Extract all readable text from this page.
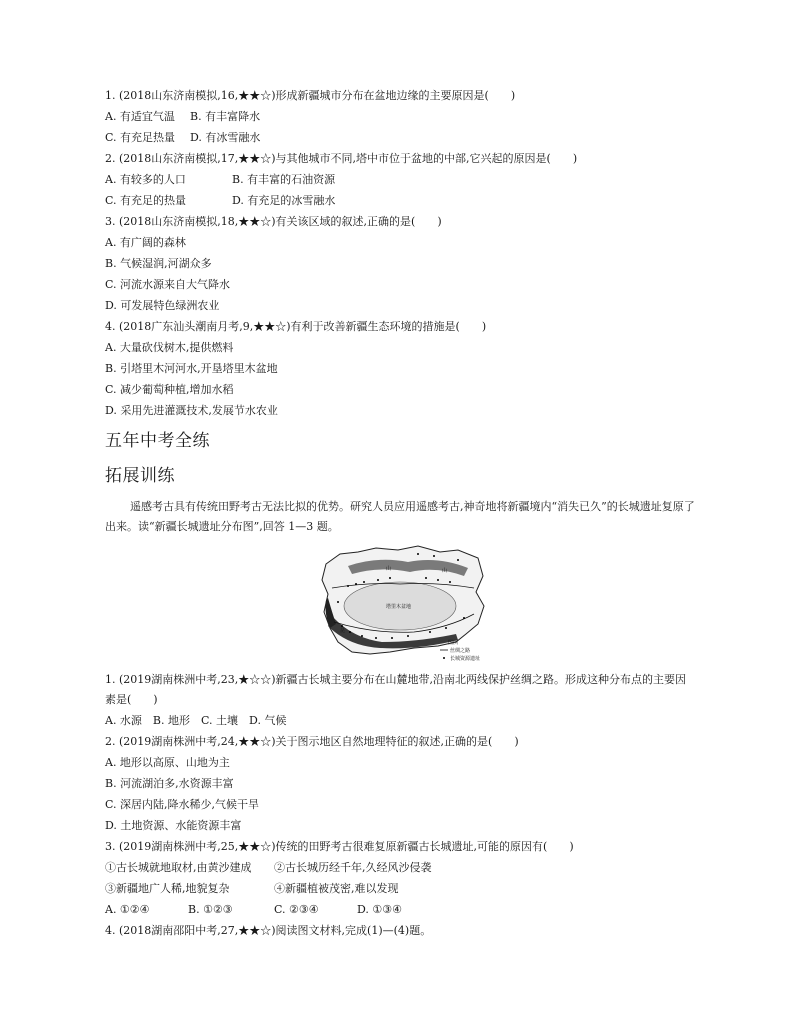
1. (2018山东济南模拟,16,★★☆)形成新疆城市分布在盆地边缘的主要原因是(　　)
A. 有适宜气温 B. 有丰富降水
C. 有充足热量 D. 有冰雪融水
2. (2018山东济南模拟,17,★★☆)与其他城市不同,塔中市位于盆地的中部,它兴起的原因是(　　)
A. 有较多的人口	B. 有丰富的石油资源
C. 有充足的热量	D. 有充足的冰雪融水
3. (2018山东济南模拟,18,★★☆)有关该区域的叙述,正确的是(　　)
A. 有广阔的森林
B. 气候湿润,河湖众多
C. 河流水源来自大气降水
D. 可发展特色绿洲农业
4. (2018广东汕头潮南月考,9,★★☆)有利于改善新疆生态环境的措施是(　　)
A. 大量砍伐树木,提供燃料
B. 引塔里木河河水,开垦塔里木盆地
C. 减少葡萄种植,增加水稻
D. 采用先进灌溉技术,发展节水农业
五年中考全练
拓展训练
遥感考古具有传统田野考古无法比拟的优势。研究人员应用遥感考古,神奇地将新疆境内“消失已久”的长城遗址复原了出来。读“新疆长城遗址分布图”,回答 1—3 题。
塔里木盆地
山	山
昆
图例
丝绸之路
长城资源遗址
1. (2019湖南株洲中考,23,★☆☆)新疆古长城主要分布在山麓地带,沿南北两线保护丝绸之路。形成这种分布点的主要因
素是(　　)
A. 水源　B. 地形　C. 土壤　D. 气候
2. (2019湖南株洲中考,24,★★☆)关于图示地区自然地理特征的叙述,正确的是(　　)
A. 地形以高原、山地为主
B. 河流湖泊多,水资源丰富
C. 深居内陆,降水稀少,气候干旱
D. 土地资源、水能资源丰富
3. (2019湖南株洲中考,25,★★☆)传统的田野考古很难复原新疆古长城遗址,可能的原因有(　　)
①古长城就地取材,由黄沙建成 ②古长城历经千年,久经风沙侵袭
③新疆地广人稀,地貌复杂	④新疆植被茂密,难以发现
A. ①②④	B. ①②③	C. ②③④	D. ①③④
4. (2018湖南邵阳中考,27,★★☆)阅读图文材料,完成(1)—(4)题。
